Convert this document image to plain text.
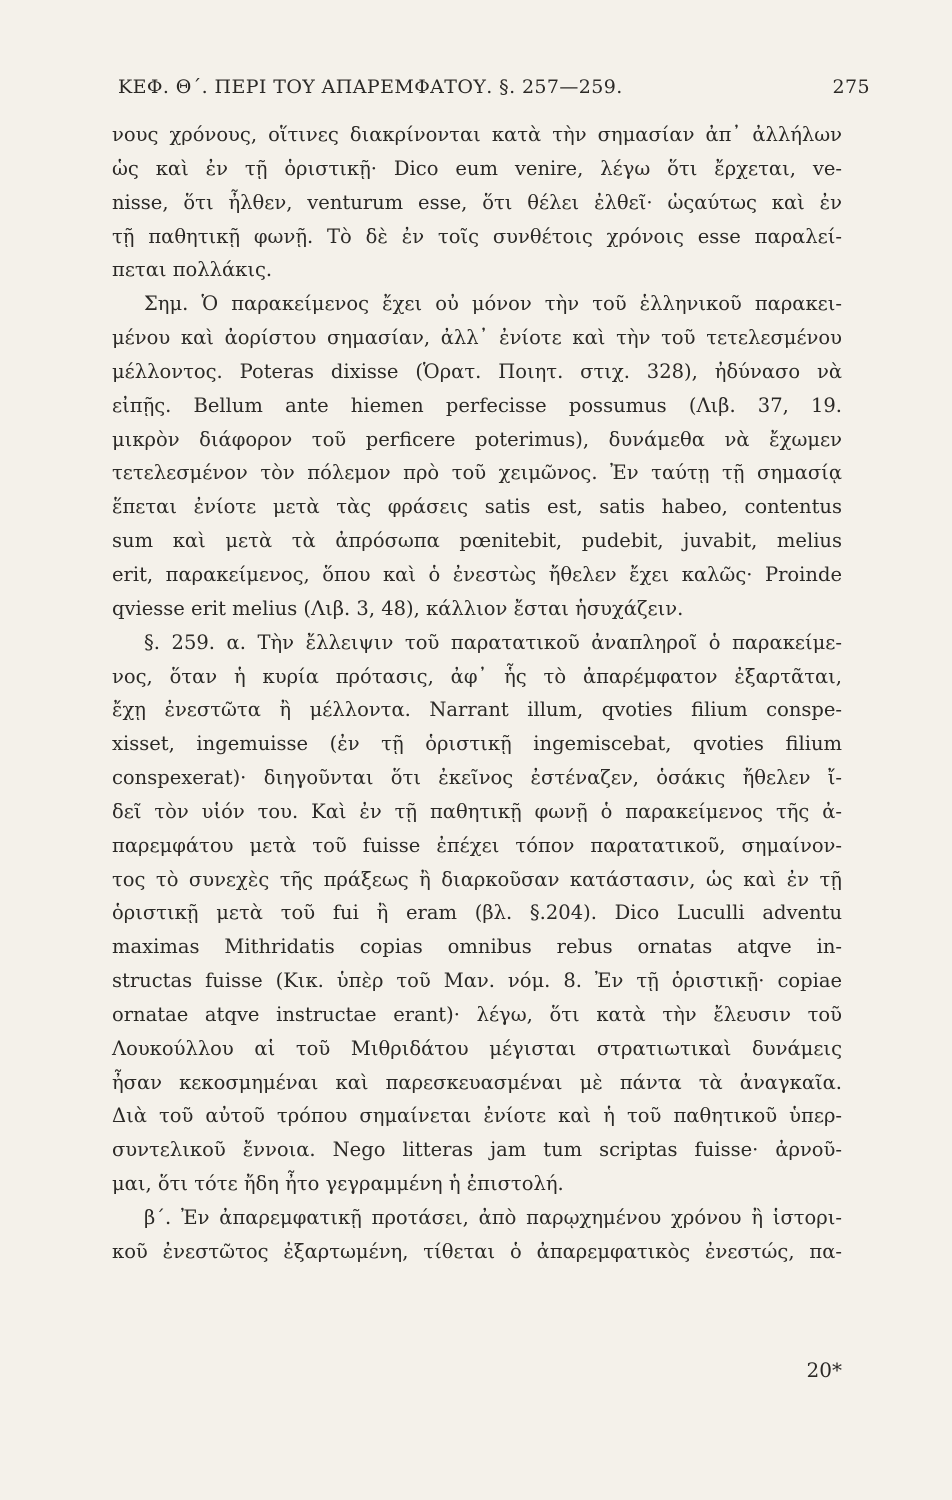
ΚΕΦ. Θ΄. ΠΕΡΙ ΤΟΥ ΑΠΑΡΕΜΦΑΤΟΥ. §. 257—259.	275
νους χρόνους, οἵτινες διακρίνονται κατὰ τὴν σημασίαν ἀπ᾽ ἀλλήλων
ὡς καὶ ἐν τῇ ὁριστικῇ· Dico eum venire, λέγω ὅτι ἔρχεται, ve-
nisse, ὅτι ἦλθεν, venturum esse, ὅτι θέλει ἐλθεῖ· ὡςαύτως καὶ ἐν
τῇ παθητικῇ φωνῇ. Τὸ δὲ ἐν τοῖς συνθέτοις χρόνοις esse παραλεί-
πεται πολλάκις.
Σημ. Ὁ παρακείμενος ἔχει οὐ μόνον τὴν τοῦ ἑλληνικοῦ παρακει-
μένου καὶ ἀορίστου σημασίαν, ἀλλ᾽ ἐνίοτε καὶ τὴν τοῦ τετελεσμένου
μέλλοντος. Poteras dixisse (Ὁρατ. Ποιητ. στιχ. 328), ἠδύνασο νὰ
εἰπῇς. Bellum ante hiemen perfecisse possumus (Λιβ. 37, 19.
μικρὸν διάφορον τοῦ perficere poterimus), δυνάμεθα νὰ ἔχωμεν
τετελεσμένον τὸν πόλεμον πρὸ τοῦ χειμῶνος. Ἐν ταύτῃ τῇ σημασίᾳ
ἕπεται ἐνίοτε μετὰ τὰς φράσεις satis est, satis habeo, contentus
sum καὶ μετὰ τὰ ἀπρόσωπα pœnitebit, pudebit, juvabit, melius
erit, παρακείμενος, ὅπου καὶ ὁ ἐνεστὼς ἤθελεν ἔχει καλῶς· Proinde
qviesse erit melius (Λιβ. 3, 48), κάλλιον ἔσται ἡσυχάζειν.
§. 259. α. Τὴν ἔλλειψιν τοῦ παρατατικοῦ ἀναπληροῖ ὁ παρακείμε-
νος, ὅταν ἡ κυρία πρότασις, ἀφ᾽ ἧς τὸ ἀπαρέμφατον ἐξαρτᾶται,
ἔχῃ ἐνεστῶτα ἢ μέλλοντα. Narrant illum, qvoties filium conspe-
xisset, ingemuisse (ἐν τῇ ὁριστικῇ ingemiscebat, qvoties filium
conspexerat)· διηγοῦνται ὅτι ἐκεῖνος ἐστέναζεν, ὁσάκις ἤθελεν ἴ-
δεῖ τὸν υἱόν του. Καὶ ἐν τῇ παθητικῇ φωνῇ ὁ παρακείμενος τῆς ἀ-
παρεμφάτου μετὰ τοῦ fuisse ἐπέχει τόπον παρατατικοῦ, σημαίνον-
τος τὸ συνεχὲς τῆς πράξεως ἢ διαρκοῦσαν κατάστασιν, ὡς καὶ ἐν τῇ
ὁριστικῇ μετὰ τοῦ fui ἢ eram (βλ. §.204). Dico Luculli adventu
maximas Mithridatis copias omnibus rebus ornatas atqve in-
structas fuisse (Κικ. ὑπὲρ τοῦ Μαν. νόμ. 8. Ἐν τῇ ὁριστικῇ· copiae
ornatae atqve instructae erant)· λέγω, ὅτι κατὰ τὴν ἔλευσιν τοῦ
Λουκούλλου αἱ τοῦ Μιθριδάτου μέγισται στρατιωτικαὶ δυνάμεις
ἦσαν κεκοσμημέναι καὶ παρεσκευασμέναι μὲ πάντα τὰ ἀναγκαῖα.
Διὰ τοῦ αὐτοῦ τρόπου σημαίνεται ἐνίοτε καὶ ἡ τοῦ παθητικοῦ ὑπερ-
συντελικοῦ ἔννοια. Nego litteras jam tum scriptas fuisse· ἀρνοῦ-
μαι, ὅτι τότε ἤδη ἦτο γεγραμμένη ἡ ἐπιστολή.
β΄. Ἐν ἀπαρεμφατικῇ προτάσει, ἀπὸ παρῳχημένου χρόνου ἢ ἱστορι-
κοῦ ἐνεστῶτος ἐξαρτωμένη, τίθεται ὁ ἀπαρεμφατικὸς ἐνεστώς, πα-
20*
